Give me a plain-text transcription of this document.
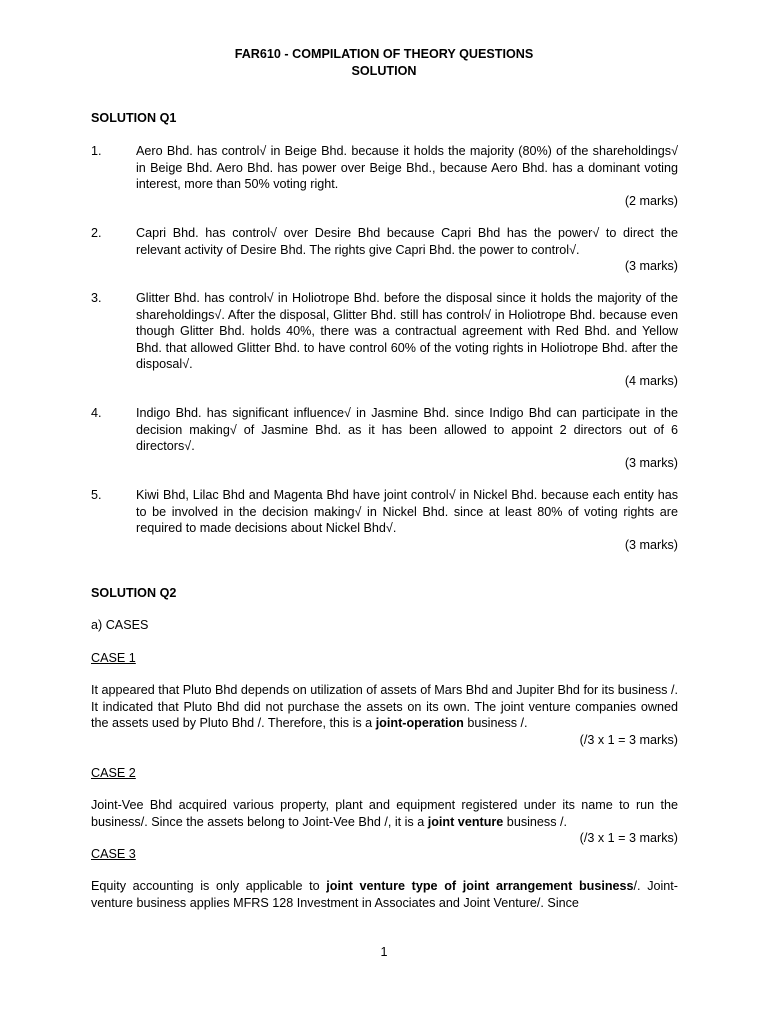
FAR610 - COMPILATION OF THEORY QUESTIONS
SOLUTION
SOLUTION Q1
1.	Aero Bhd. has control√ in Beige Bhd. because it holds the majority (80%) of the shareholdings√ in Beige Bhd. Aero Bhd. has power over Beige Bhd., because Aero Bhd. has a dominant voting interest, more than 50% voting right.
(2 marks)
2.	Capri Bhd. has control√ over Desire Bhd because Capri Bhd has the power√ to direct the relevant activity of Desire Bhd. The rights give Capri Bhd. the power to control√.
(3 marks)
3.	Glitter Bhd. has control√ in Holiotrope Bhd. before the disposal since it holds the majority of the shareholdings√. After the disposal, Glitter Bhd. still has control√ in Holiotrope Bhd. because even though Glitter Bhd. holds 40%, there was a contractual agreement with Red Bhd. and Yellow Bhd. that allowed Glitter Bhd. to have control 60% of the voting rights in Holiotrope Bhd. after the disposal√.
(4 marks)
4.	Indigo Bhd. has significant influence√ in Jasmine Bhd. since Indigo Bhd can participate in the decision making√ of Jasmine Bhd. as it has been allowed to appoint 2 directors out of 6 directors√.
(3 marks)
5.	Kiwi Bhd, Lilac Bhd and Magenta Bhd have joint control√ in Nickel Bhd. because each entity has to be involved in the decision making√ in Nickel Bhd. since at least 80% of voting rights are required to made decisions about Nickel Bhd√.
(3 marks)
SOLUTION Q2
a) CASES
CASE 1
It appeared that Pluto Bhd depends on utilization of assets of Mars Bhd and Jupiter Bhd for its business /. It indicated that Pluto Bhd did not purchase the assets on its own. The joint venture companies owned the assets used by Pluto Bhd /. Therefore, this is a joint-operation business /.
(/3 x 1 = 3 marks)
CASE 2
Joint-Vee Bhd acquired various property, plant and equipment registered under its name to run the business/. Since the assets belong to Joint-Vee Bhd /, it is a joint venture business /.
(/3 x 1 = 3 marks)
CASE 3
Equity accounting is only applicable to joint venture type of joint arrangement business/. Joint-venture business applies MFRS 128 Investment in Associates and Joint Venture/. Since
1
